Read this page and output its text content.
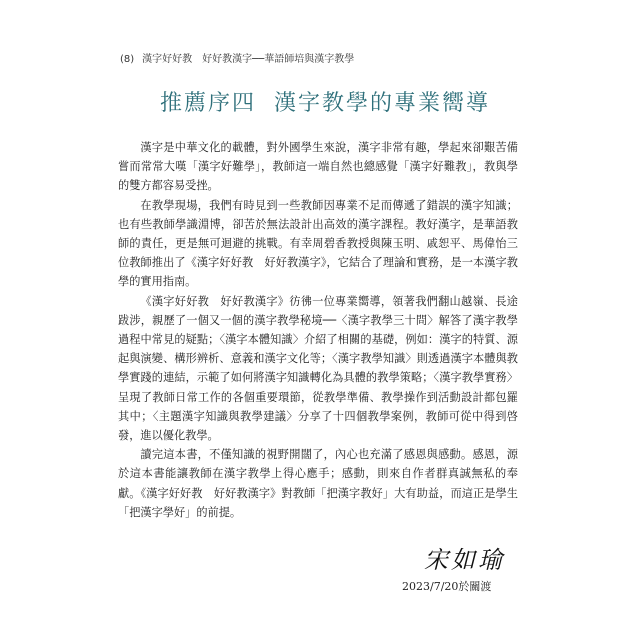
(8) 漢字好好教　好好教漢字──華語師培與漢字教學
推薦序四 漢字教學的專業嚮導

漢字是中華文化的載體，對外國學生來說，漢字非常有趣，學起來卻艱苦備嘗而常常大嘆「漢字好難學」，教師這一端自然也總感覺「漢字好難教」，教與學的雙方都容易受挫。

在教學現場，我們有時見到一些教師因專業不足而傳遞了錯誤的漢字知識；也有些教師學識淵博，卻苦於無法設計出高效的漢字課程。教好漢字，是華語教師的責任，更是無可迴避的挑戰。有幸周碧香教授與陳玉明、戚恕平、馬偉怡三位教師推出了《漢字好好教　好好教漢字》，它結合了理論和實務，是一本漢字教學的實用指南。

《漢字好好教　好好教漢字》彷彿一位專業嚮導，領著我們翻山越嶺、長途跋涉，親歷了一個又一個的漢字教學秘境──〈漢字教學三十問〉解答了漢字教學過程中常見的疑點；〈漢字本體知識〉介紹了相關的基礎，例如：漢字的特質、源起與演變、構形辨析、意義和漢字文化等；〈漢字教學知識〉則透過漢字本體與教學實踐的連結，示範了如何將漢字知識轉化為具體的教學策略；〈漢字教學實務〉呈現了教師日常工作的各個重要環節，從教學準備、教學操作到活動設計都包羅其中；〈主題漢字知識與教學建議〉分享了十四個教學案例，教師可從中得到啓發，進以優化教學。

讀完這本書，不僅知識的視野開闊了，內心也充滿了感恩與感動。感恩，源於這本書能讓教師在漢字教學上得心應手；感動，則來自作者群真誠無私的奉獻。《漢字好好教　好好教漢字》對教師「把漢字教好」大有助益，而這正是學生「把漢字學好」的前提。

宋如瑜
2023/7/20於關渡
